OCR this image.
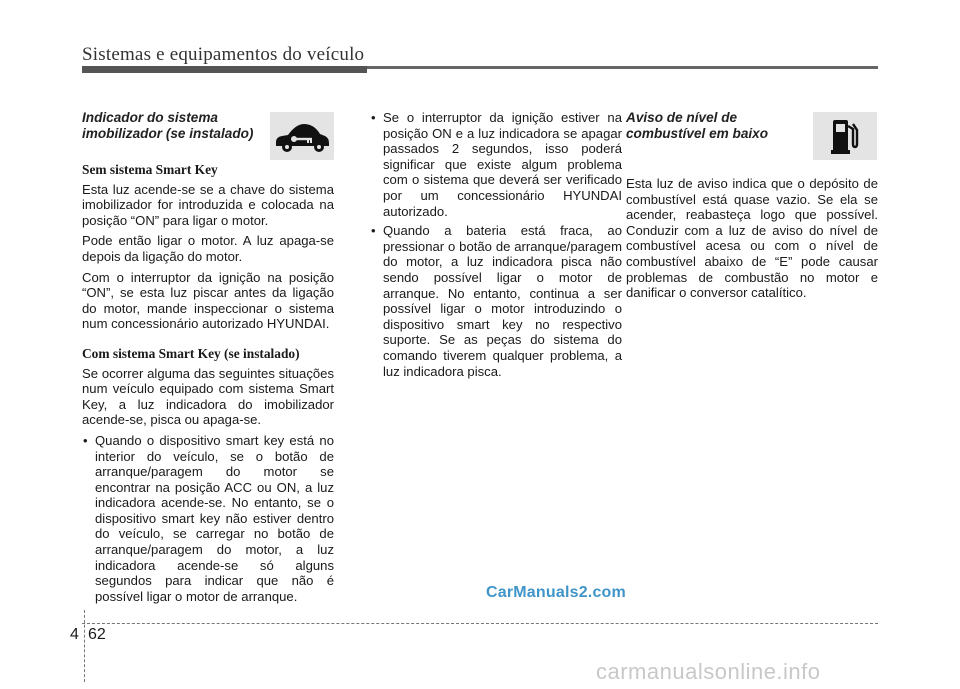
Sistemas e equipamentos do veículo
Indicador do sistema
imobilizador (se instalado)
Sem sistema Smart Key

Esta luz acende-se se a chave do sistema imobilizador for introduzida e colocada na posição “ON” para ligar o motor.

Pode então ligar o motor. A luz apaga-se depois da ligação do motor.

Com o interruptor da ignição na posição “ON”, se esta luz piscar antes da ligação do motor, mande inspeccionar o sistema num concessionário autorizado HYUNDAI.

Com sistema Smart Key (se instalado)

Se ocorrer alguma das seguintes situações num veículo equipado com sistema Smart Key, a luz indicadora do imobilizador acende-se, pisca ou apaga-se.

• Quando o dispositivo smart key está no interior do veículo, se o botão de arranque/paragem do motor se encontrar na posição ACC ou ON, a luz indicadora acende-se. No entanto, se o dispositivo smart key não estiver dentro do veículo, se carregar no botão de arranque/paragem do motor, a luz indicadora acende-se só alguns segundos para indicar que não é possível ligar o motor de arranque.
• Se o interruptor da ignição estiver na posição ON e a luz indicadora se apagar passados 2 segundos, isso poderá significar que existe algum problema com o sistema que deverá ser verificado por um concessionário HYUNDAI autorizado.
• Quando a bateria está fraca, ao pressionar o botão de arranque/paragem do motor, a luz indicadora pisca não sendo possível ligar o motor de arranque. No entanto, continua a ser possível ligar o motor introduzindo o dispositivo smart key no respectivo suporte. Se as peças do sistema do comando tiverem qualquer problema, a luz indicadora pisca.
Aviso de nível de
combustível em baixo

Esta luz de aviso indica que o depósito de combustível está quase vazio. Se ela se acender, reabasteça logo que possível. Conduzir com a luz de aviso do nível de combustível acesa ou com o nível de combustível abaixo de “E” pode causar problemas de combustão no motor e danificar o conversor catalítico.

CarManuals2.com
4 62
carmanualsonline.info
